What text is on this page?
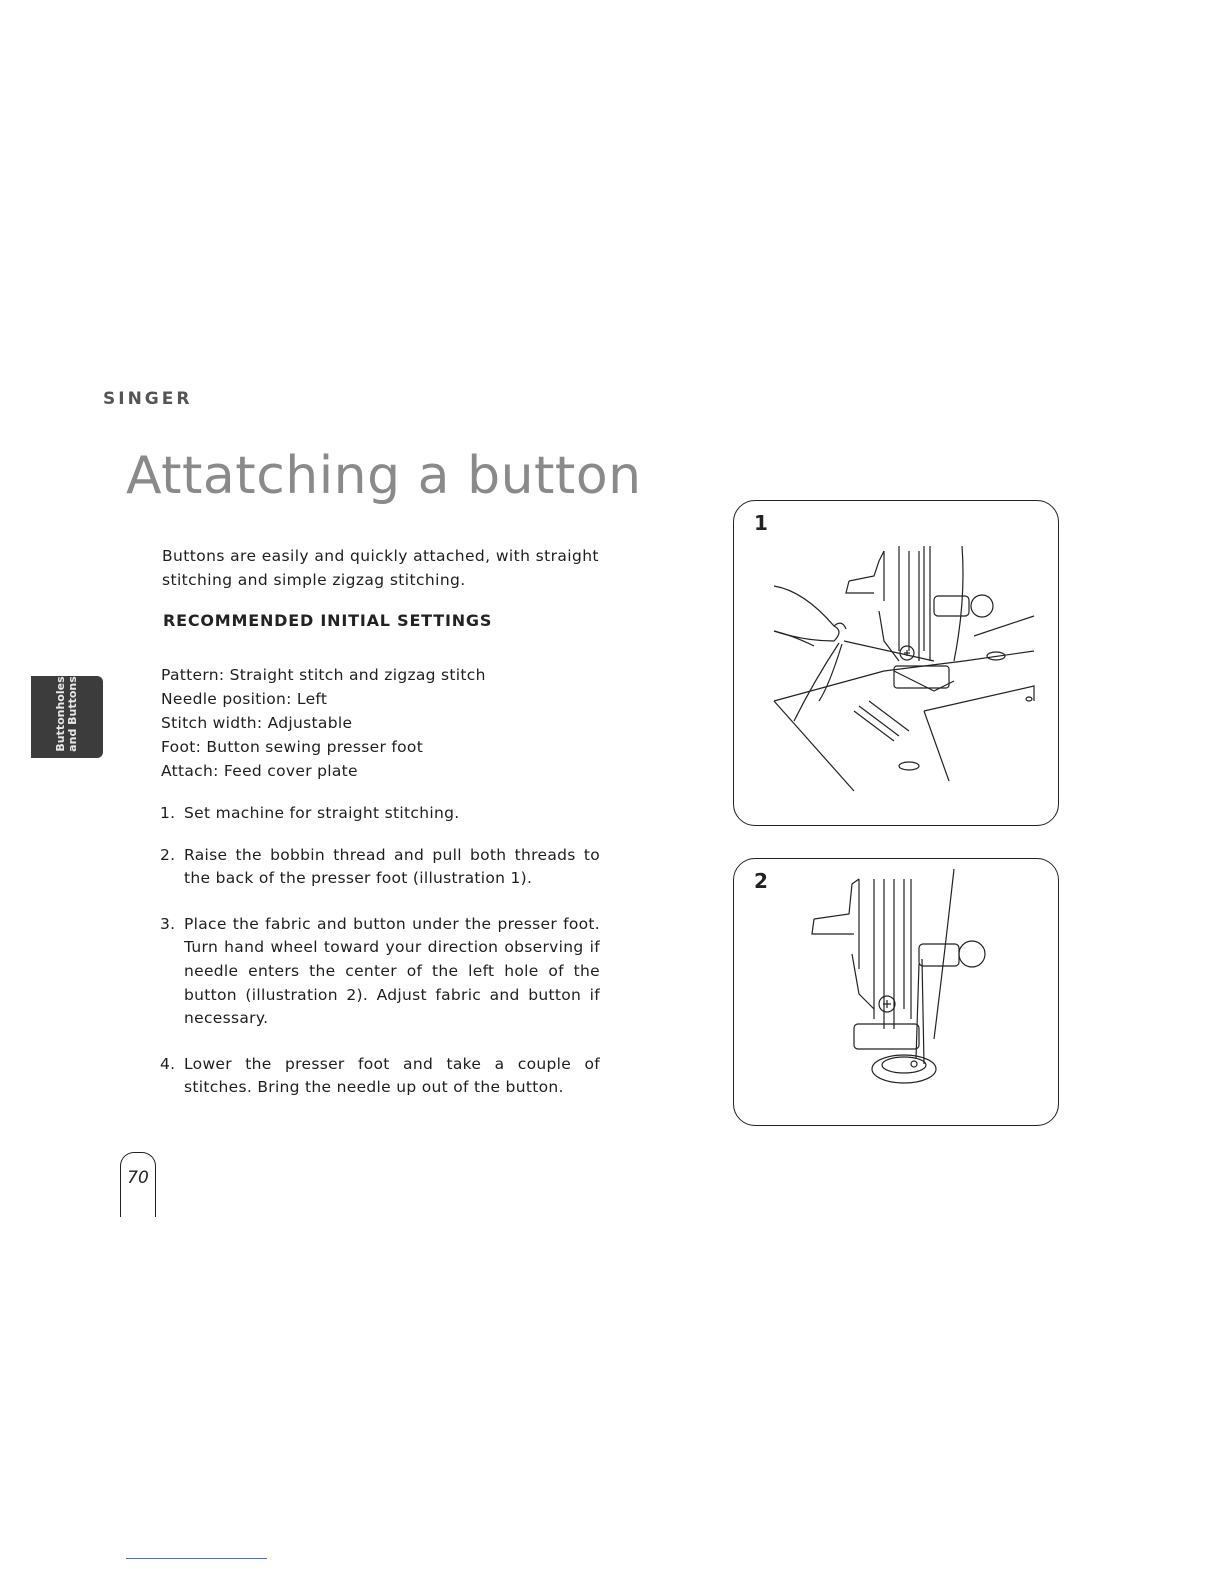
SINGER
Attatching a button
Buttons are easily and quickly attached, with straight stitching and simple zigzag stitching.
RECOMMENDED INITIAL SETTINGS
Pattern: Straight stitch and zigzag stitch
Needle position: Left
Stitch width: Adjustable
Foot: Button sewing presser foot
Attach: Feed cover plate
1. Set machine for straight stitching.
2. Raise the bobbin thread and pull both threads to the back of the presser foot (illustration 1).
3. Place the fabric and button under the presser foot. Turn hand wheel toward your direction observing if needle enters the center of the left hole of the button (illustration 2). Adjust fabric and button if necessary.
4. Lower the presser foot and take a couple of stitches. Bring the needle up out of the button.
Buttonholes and Buttons
1
2
70
